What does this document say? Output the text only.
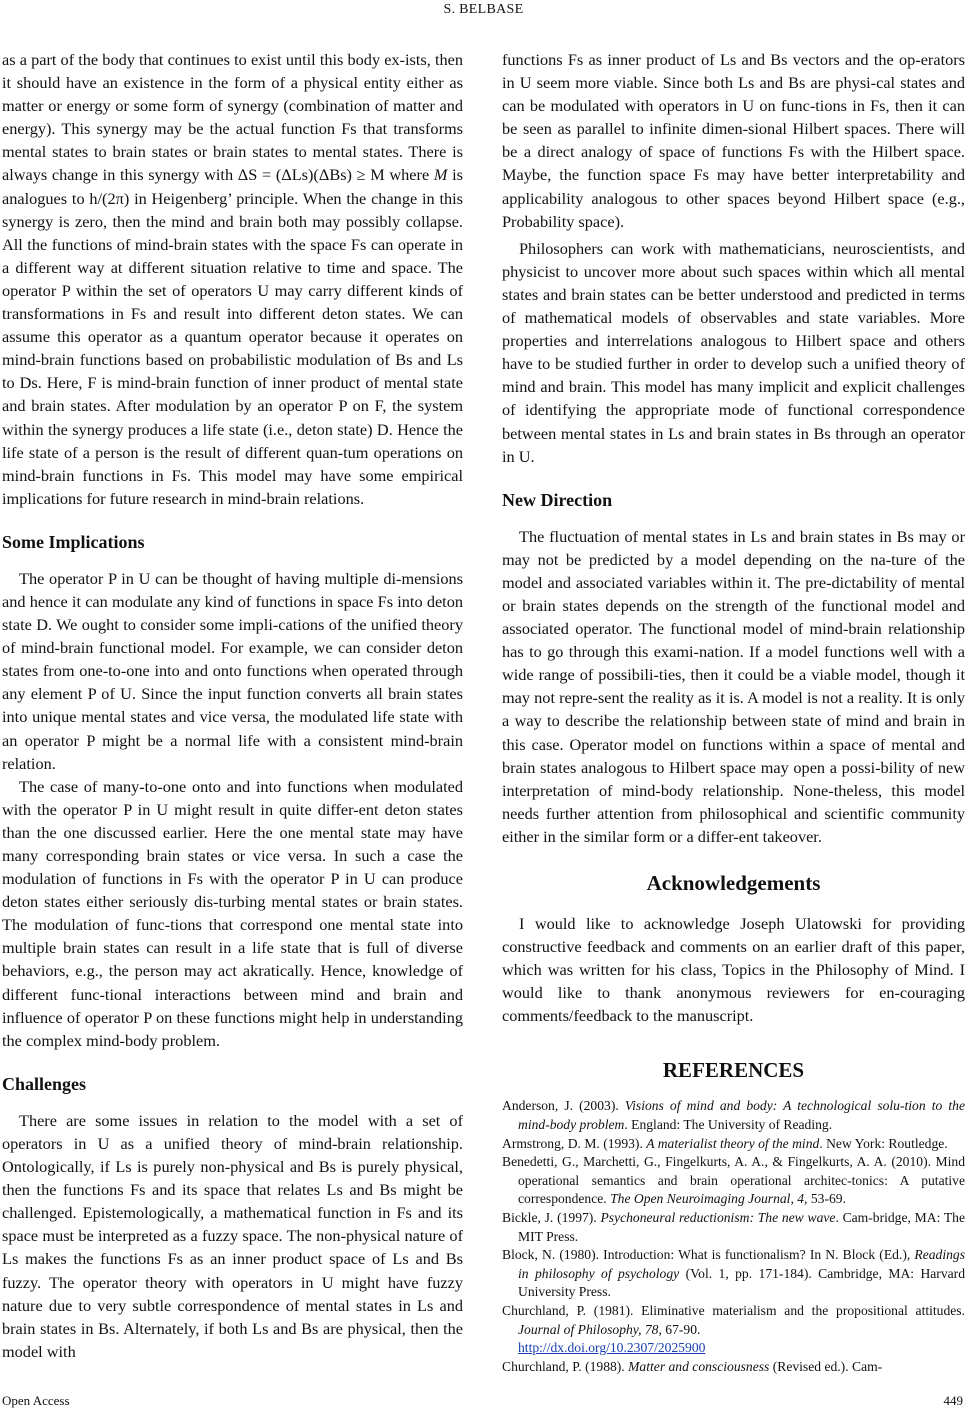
S. BELBASE

as a part of the body that continues to exist until this body ex-ists, then it should have an existence in the form of a physical entity either as matter or energy or some form of synergy (combination of matter and energy). This synergy may be the actual function Fs that transforms mental states to brain states or brain states to mental states. There is always change in this synergy with ΔS = (ΔLs)(ΔBs) ≥ M where M is analogues to h/(2π) in Heigenberg’ principle. When the change in this synergy is zero, then the mind and brain both may possibly collapse. All the functions of mind-brain states with the space Fs can operate in a different way at different situation relative to time and space. The operator P within the set of operators U may carry different kinds of transformations in Fs and result into different deton states. We can assume this operator as a quantum operator because it operates on mind-brain functions based on probabilistic modulation of Bs and Ls to Ds. Here, F is mind-brain function of inner product of mental state and brain states. After modulation by an operator P on F, the system within the synergy produces a life state (i.e., deton state) D. Hence the life state of a person is the result of different quan-tum operations on mind-brain functions in Fs. This model may have some empirical implications for future research in mind-brain relations.

Some Implications

The operator P in U can be thought of having multiple di-mensions and hence it can modulate any kind of functions in space Fs into deton state D. We ought to consider some impli-cations of the unified theory of mind-brain functional model. For example, we can consider deton states from one-to-one into and onto functions when operated through any element P of U. Since the input function converts all brain states into unique mental states and vice versa, the modulated life state with an operator P might be a normal life with a consistent mind-brain relation.

The case of many-to-one onto and into functions when modulated with the operator P in U might result in quite differ-ent deton states than the one discussed earlier. Here the one mental state may have many corresponding brain states or vice versa. In such a case the modulation of functions in Fs with the operator P in U can produce deton states either seriously dis-turbing mental states or brain states. The modulation of func-tions that correspond one mental state into multiple brain states can result in a life state that is full of diverse behaviors, e.g., the person may act akratically. Hence, knowledge of different func-tional interactions between mind and brain and influence of operator P on these functions might help in understanding the complex mind-body problem.

Challenges

There are some issues in relation to the model with a set of operators in U as a unified theory of mind-brain relationship. Ontologically, if Ls is purely non-physical and Bs is purely physical, then the functions Fs and its space that relates Ls and Bs might be challenged. Epistemologically, a mathematical function in Fs and its space must be interpreted as a fuzzy space. The non-physical nature of Ls makes the functions Fs as an inner product space of Ls and Bs fuzzy. The operator theory with operators in U might have fuzzy nature due to very subtle correspondence of mental states in Ls and brain states in Bs. Alternately, if both Ls and Bs are physical, then the model with

functions Fs as inner product of Ls and Bs vectors and the op-erators in U seem more viable. Since both Ls and Bs are physi-cal states and can be modulated with operators in U on func-tions in Fs, then it can be seen as parallel to infinite dimen-sional Hilbert spaces. There will be a direct analogy of space of functions Fs with the Hilbert space. Maybe, the function space Fs may have better interpretability and applicability analogous to other spaces beyond Hilbert space (e.g., Probability space).

Philosophers can work with mathematicians, neuroscientists, and physicist to uncover more about such spaces within which all mental states and brain states can be better understood and predicted in terms of mathematical models of observables and state variables. More properties and interrelations analogous to Hilbert space and others have to be studied further in order to develop such a unified theory of mind and brain. This model has many implicit and explicit challenges of identifying the appropriate mode of functional correspondence between mental states in Ls and brain states in Bs through an operator in U.

New Direction

The fluctuation of mental states in Ls and brain states in Bs may or may not be predicted by a model depending on the na-ture of the model and associated variables within it. The pre-dictability of mental or brain states depends on the strength of the functional model and associated operator. The functional model of mind-brain relationship has to go through this exami-nation. If a model functions well with a wide range of possibili-ties, then it could be a viable model, though it may not repre-sent the reality as it is. A model is not a reality. It is only a way to describe the relationship between state of mind and brain in this case. Operator model on functions within a space of mental and brain states analogous to Hilbert space may open a possi-bility of new interpretation of mind-body relationship. None-theless, this model needs further attention from philosophical and scientific community either in the similar form or a differ-ent takeover.

Acknowledgements

I would like to acknowledge Joseph Ulatowski for providing constructive feedback and comments on an earlier draft of this paper, which was written for his class, Topics in the Philosophy of Mind. I would like to thank anonymous reviewers for en-couraging comments/feedback to the manuscript.

REFERENCES
Anderson, J. (2003). Visions of mind and body: A technological solu-tion to the mind-body problem. England: The University of Reading.
Armstrong, D. M. (1993). A materialist theory of the mind. New York: Routledge.
Benedetti, G., Marchetti, G., Fingelkurts, A. A., & Fingelkurts, A. A. (2010). Mind operational semantics and brain operational architec-tonics: A putative correspondence. The Open Neuroimaging Journal, 4, 53-69.
Bickle, J. (1997). Psychoneural reductionism: The new wave. Cam-bridge, MA: The MIT Press.
Block, N. (1980). Introduction: What is functionalism? In N. Block (Ed.), Readings in philosophy of psychology (Vol. 1, pp. 171-184). Cambridge, MA: Harvard University Press.
Churchland, P. (1981). Eliminative materialism and the propositional attitudes. Journal of Philosophy, 78, 67-90.
http://dx.doi.org/10.2307/2025900
Churchland, P. (1988). Matter and consciousness (Revised ed.). Cam-
Open Access	449
